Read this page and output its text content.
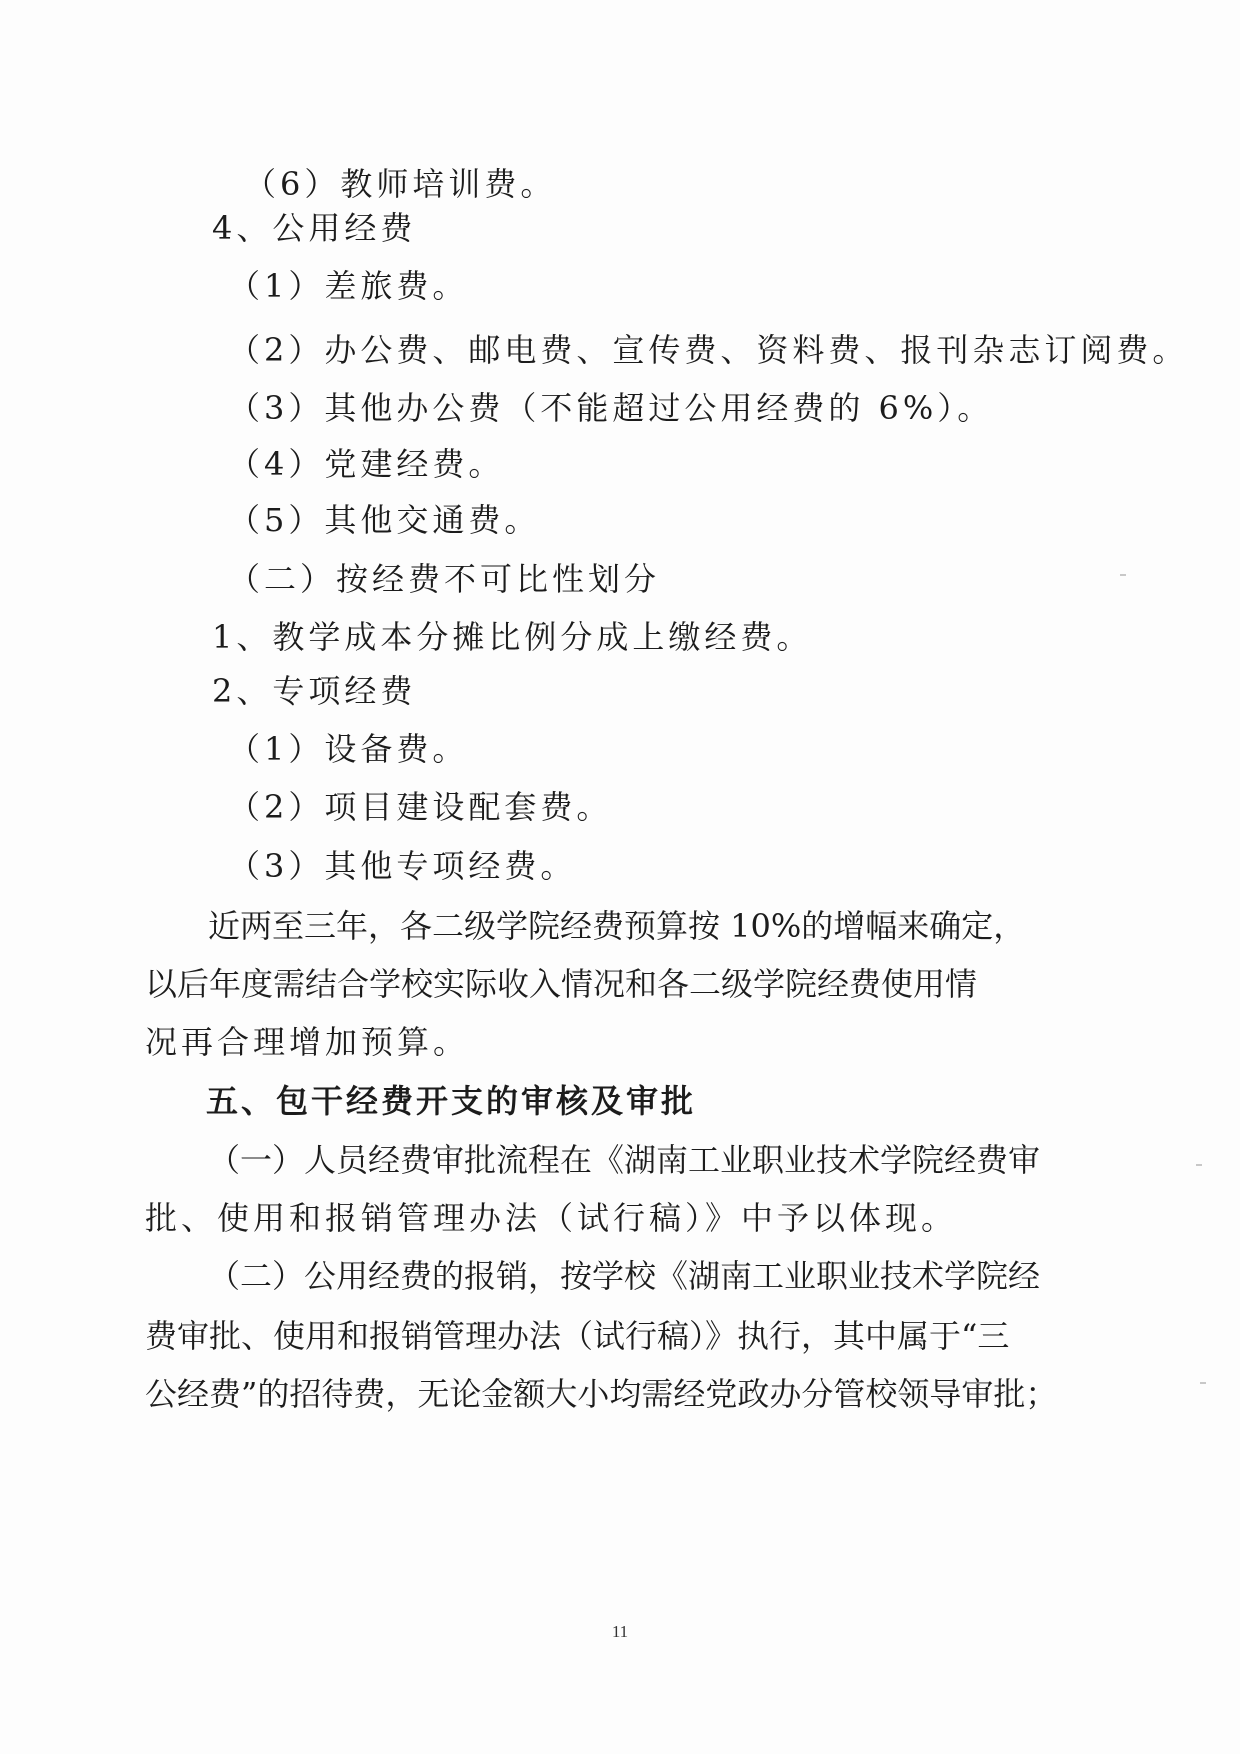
（6）教师培训费。
4、公用经费
（1）差旅费。
（2）办公费、邮电费、宣传费、资料费、报刊杂志订阅费。
（3）其他办公费（不能超过公用经费的 6%）。
（4）党建经费。
（5）其他交通费。
（二）按经费不可比性划分
1、教学成本分摊比例分成上缴经费。
2、专项经费
（1）设备费。
（2）项目建设配套费。
（3）其他专项经费。
近两至三年，各二级学院经费预算按 10%的增幅来确定，
以后年度需结合学校实际收入情况和各二级学院经费使用情
况再合理增加预算。
五、包干经费开支的审核及审批
（一）人员经费审批流程在《湖南工业职业技术学院经费审
批、使用和报销管理办法（试行稿）》中予以体现。
（二）公用经费的报销，按学校《湖南工业职业技术学院经
费审批、使用和报销管理办法（试行稿）》执行，其中属于“三
公经费”的招待费，无论金额大小均需经党政办分管校领导审批；
11
